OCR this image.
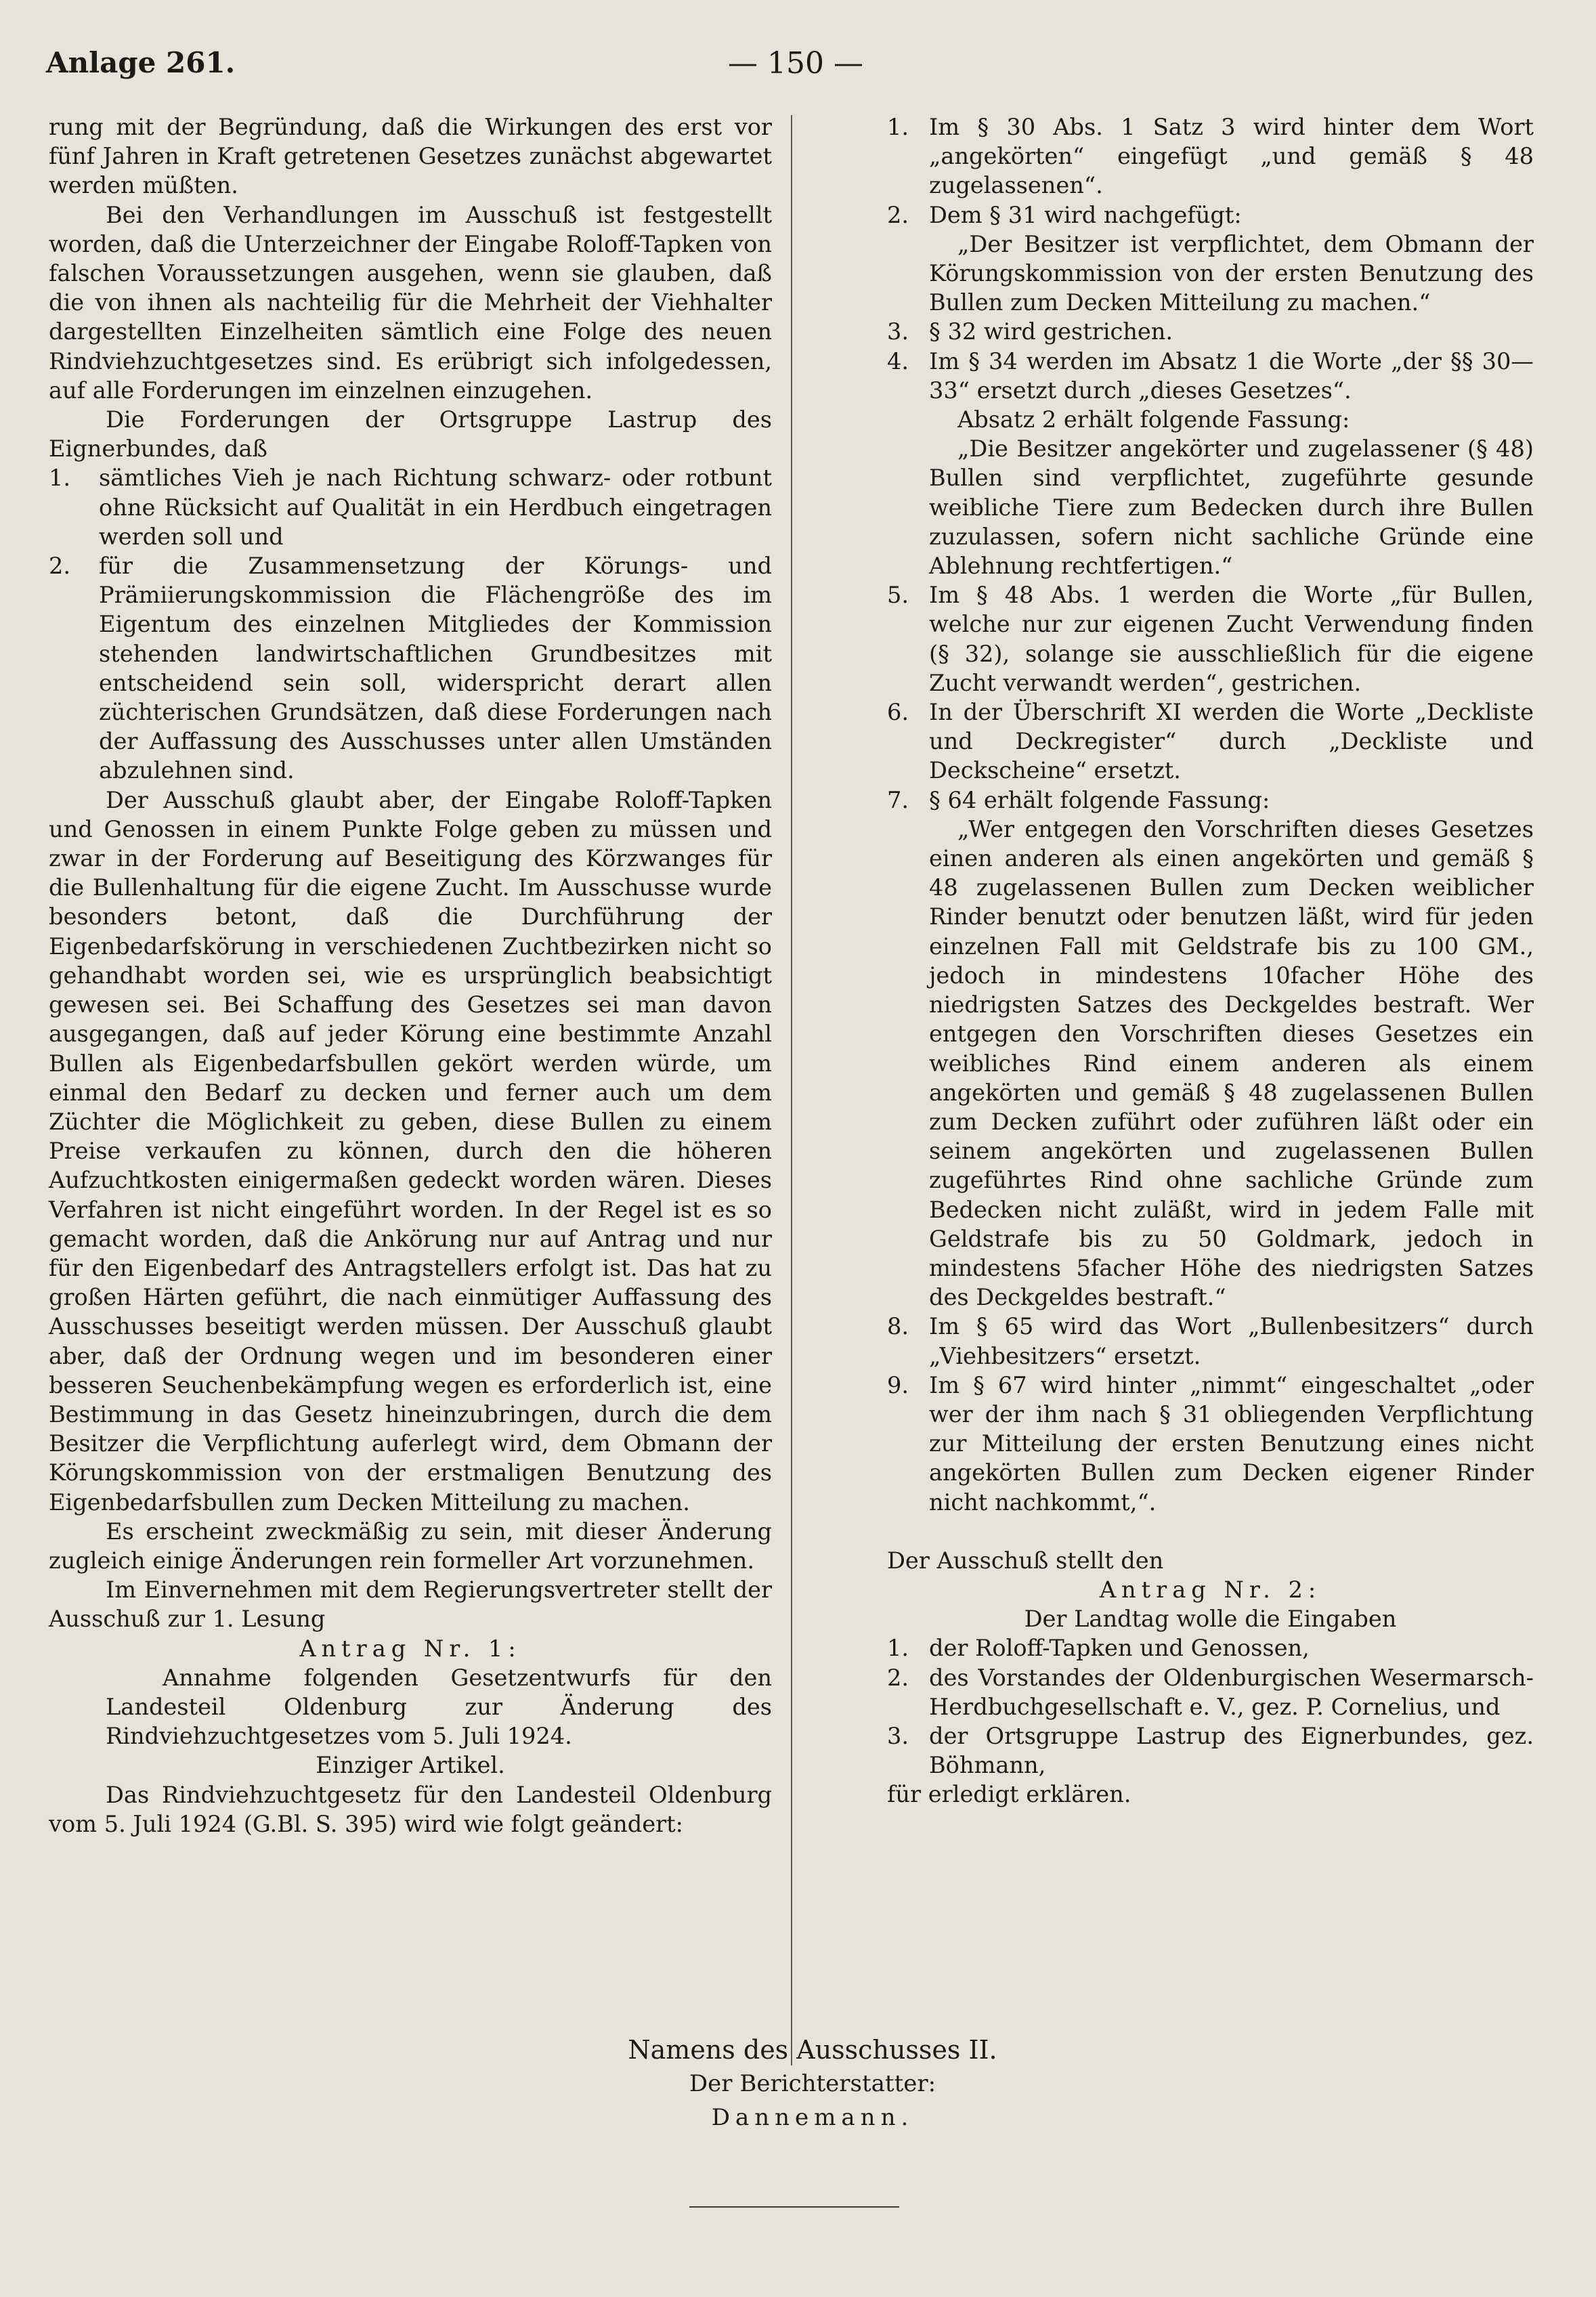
Anlage 261.	— 150 —

rung mit der Begründung, daß die Wirkungen des erst vor fünf Jahren in Kraft getretenen Gesetzes zunächst abgewartet werden müßten.

Bei den Verhandlungen im Ausschuß ist festgestellt worden, daß die Unterzeichner der Eingabe Roloff-Tapken von falschen Voraussetzungen ausgehen, wenn sie glauben, daß die von ihnen als nachteilig für die Mehrheit der Viehhalter dargestellten Einzelheiten sämtlich eine Folge des neuen Rindviehzuchtgesetzes sind. Es erübrigt sich infolgedessen, auf alle Forderungen im einzelnen einzugehen.

Die Forderungen der Ortsgruppe Lastrup des Eignerbundes, daß

1.	sämtliches Vieh je nach Richtung schwarz- oder rotbunt ohne Rücksicht auf Qualität in ein Herdbuch eingetragen werden soll und
2.	für die Zusammensetzung der Körungs- und Prämiierungskommission die Flächengröße des im Eigentum des einzelnen Mitgliedes der Kommission stehenden landwirtschaftlichen Grundbesitzes mit entscheidend sein soll, widerspricht derart allen züchterischen Grundsätzen, daß diese Forderungen nach der Auffassung des Ausschusses unter allen Umständen abzulehnen sind.

Der Ausschuß glaubt aber, der Eingabe Roloff-Tapken und Genossen in einem Punkte Folge geben zu müssen und zwar in der Forderung auf Beseitigung des Körzwanges für die Bullenhaltung für die eigene Zucht. Im Ausschusse wurde besonders betont, daß die Durchführung der Eigenbedarfskörung in verschiedenen Zuchtbezirken nicht so gehandhabt worden sei, wie es ursprünglich beabsichtigt gewesen sei. Bei Schaffung des Gesetzes sei man davon ausgegangen, daß auf jeder Körung eine bestimmte Anzahl Bullen als Eigenbedarfsbullen gekört werden würde, um einmal den Bedarf zu decken und ferner auch um dem Züchter die Möglichkeit zu geben, diese Bullen zu einem Preise verkaufen zu können, durch den die höheren Aufzuchtkosten einigermaßen gedeckt worden wären. Dieses Verfahren ist nicht eingeführt worden. In der Regel ist es so gemacht worden, daß die Ankörung nur auf Antrag und nur für den Eigenbedarf des Antragstellers erfolgt ist. Das hat zu großen Härten geführt, die nach einmütiger Auffassung des Ausschusses beseitigt werden müssen. Der Ausschuß glaubt aber, daß der Ordnung wegen und im besonderen einer besseren Seuchenbekämpfung wegen es erforderlich ist, eine Bestimmung in das Gesetz hineinzubringen, durch die dem Besitzer die Verpflichtung auferlegt wird, dem Obmann der Körungskommission von der erstmaligen Benutzung des Eigenbedarfsbullen zum Decken Mitteilung zu machen.

Es erscheint zweckmäßig zu sein, mit dieser Änderung zugleich einige Änderungen rein formeller Art vorzunehmen.

Im Einvernehmen mit dem Regierungsvertreter stellt der Ausschuß zur 1. Lesung

Antrag Nr. 1:

Annahme folgenden Gesetzentwurfs für den Landesteil Oldenburg zur Änderung des Rindviehzuchtgesetzes vom 5. Juli 1924.

Einziger Artikel.

Das Rindviehzuchtgesetz für den Landesteil Oldenburg vom 5. Juli 1924 (G.Bl. S. 395) wird wie folgt geändert:

1. Im § 30 Abs. 1 Satz 3 wird hinter dem Wort „angekörten“ eingefügt „und gemäß § 48 zugelassenen“.
2. Dem § 31 wird nachgefügt:

„Der Besitzer ist verpflichtet, dem Obmann der Körungskommission von der ersten Benutzung des Bullen zum Decken Mitteilung zu machen.“

3. § 32 wird gestrichen.
4. Im § 34 werden im Absatz 1 die Worte „der §§ 30—33“ ersetzt durch „dieses Gesetzes“.

Absatz 2 erhält folgende Fassung:

„Die Besitzer angekörter und zugelassener (§ 48) Bullen sind verpflichtet, zugeführte gesunde weibliche Tiere zum Bedecken durch ihre Bullen zuzulassen, sofern nicht sachliche Gründe eine Ablehnung rechtfertigen.“

5. Im § 48 Abs. 1 werden die Worte „für Bullen, welche nur zur eigenen Zucht Verwendung finden (§ 32), solange sie ausschließlich für die eigene Zucht verwandt werden“, gestrichen.
6. In der Überschrift XI werden die Worte „Deckliste und Deckregister“ durch „Deckliste und Deckscheine“ ersetzt.
7. § 64 erhält folgende Fassung:

„Wer entgegen den Vorschriften dieses Gesetzes einen anderen als einen angekörten und gemäß § 48 zugelassenen Bullen zum Decken weiblicher Rinder benutzt oder benutzen läßt, wird für jeden einzelnen Fall mit Geldstrafe bis zu 100 GM., jedoch in mindestens 10facher Höhe des niedrigsten Satzes des Deckgeldes bestraft. Wer entgegen den Vorschriften dieses Gesetzes ein weibliches Rind einem anderen als einem angekörten und gemäß § 48 zugelassenen Bullen zum Decken zuführt oder zuführen läßt oder ein seinem angekörten und zugelassenen Bullen zugeführtes Rind ohne sachliche Gründe zum Bedecken nicht zuläßt, wird in jedem Falle mit Geldstrafe bis zu 50 Goldmark, jedoch in mindestens 5facher Höhe des niedrigsten Satzes des Deckgeldes bestraft.“

8. Im § 65 wird das Wort „Bullenbesitzers“ durch „Viehbesitzers“ ersetzt.
9. Im § 67 wird hinter „nimmt“ eingeschaltet „oder wer der ihm nach § 31 obliegenden Verpflichtung zur Mitteilung der ersten Benutzung eines nicht angekörten Bullen zum Decken eigener Rinder nicht nachkommt,“.

Der Ausschuß stellt den

Antrag Nr. 2:

Der Landtag wolle die Eingaben

1. der Roloff-Tapken und Genossen,
2. des Vorstandes der Oldenburgischen Wesermarsch-Herdbuchgesellschaft e. V., gez. P. Cornelius, und
3. der Ortsgruppe Lastrup des Eignerbundes, gez. Böhmann,

für erledigt erklären.

Namens des Ausschusses II.

Der Berichterstatter:

Dannemann.
